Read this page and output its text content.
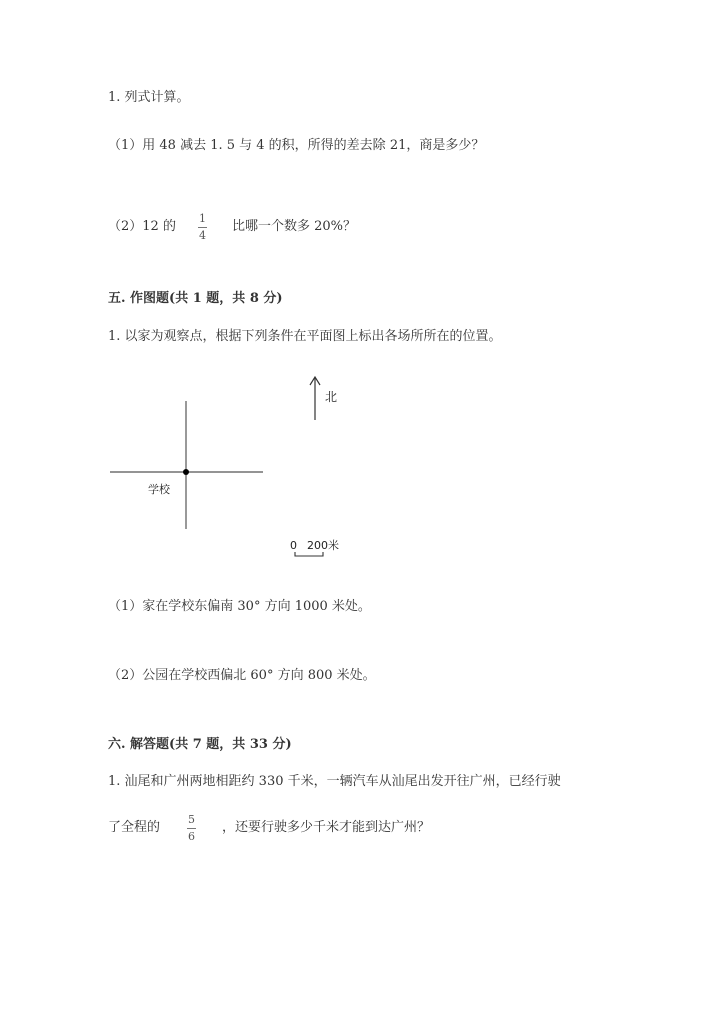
1. 列式计算。
（1）用 48 减去 1. 5 与 4 的积，所得的差去除 21，商是多少？
（2）12 的
1
4
比哪一个数多 20%？
五. 作图题(共 1 题，共 8 分)
1. 以家为观察点，根据下列条件在平面图上标出各场所所在的位置。
北
学校
0 200米
（1）家在学校东偏南 30° 方向 1000 米处。
（2）公园在学校西偏北 60° 方向 800 米处。
六. 解答题(共 7 题，共 33 分)
1. 汕尾和广州两地相距约 330 千米，一辆汽车从汕尾出发开往广州，已经行驶
了全程的
5
6
，还要行驶多少千米才能到达广州？
